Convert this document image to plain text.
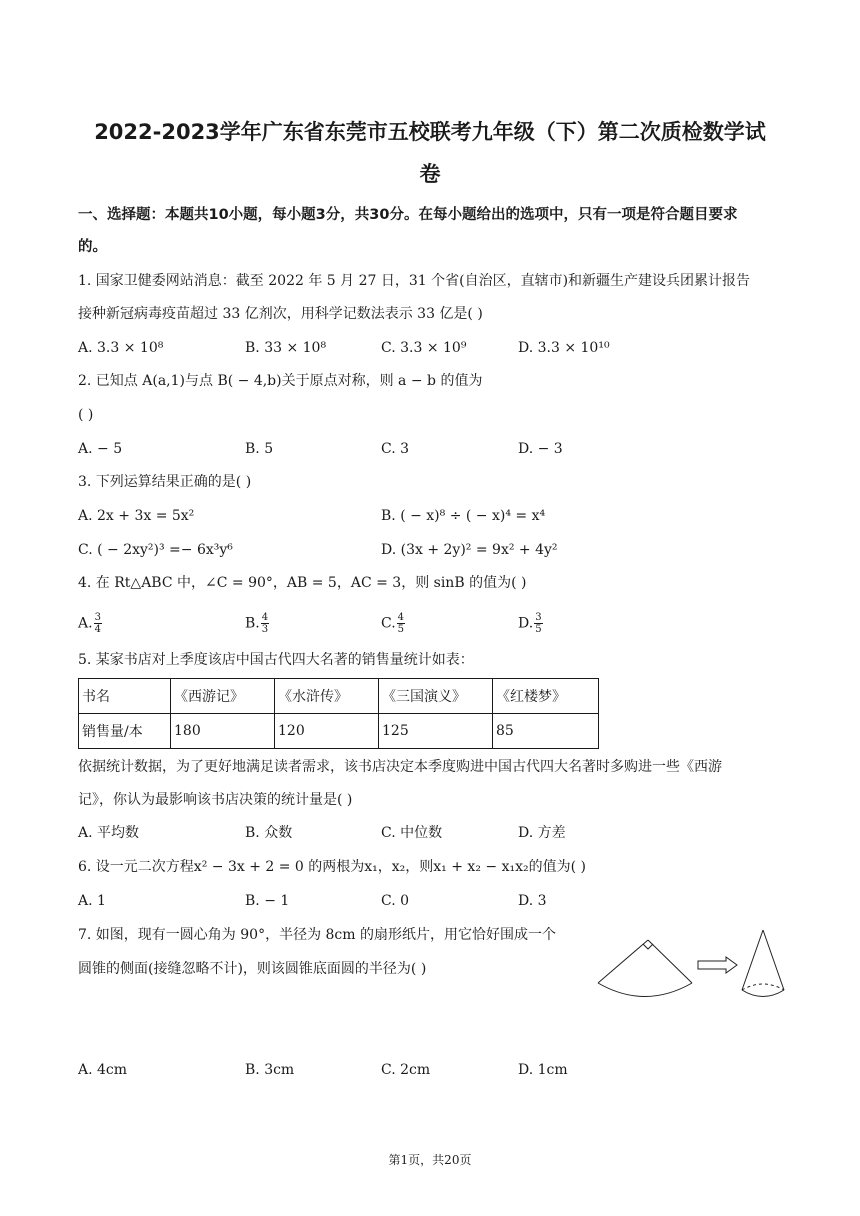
2022-2023学年广东省东莞市五校联考九年级（下）第二次质检数学试
卷
一、选择题：本题共10小题，每小题3分，共30分。在每小题给出的选项中，只有一项是符合题目要求
的。
1. 国家卫健委网站消息：截至 2022 年 5 月 27 日，31 个省(自治区，直辖市)和新疆生产建设兵团累计报告
接种新冠病毒疫苗超过 33 亿剂次，用科学记数法表示 33 亿是( )
A. 3.3 × 10⁸	B. 33 × 10⁸	C. 3.3 × 10⁹	D. 3.3 × 10¹⁰
2. 已知点 A(a,1)与点 B( − 4,b)关于原点对称，则 a − b 的值为
( )
A. − 5	B. 5	C. 3	D. − 3
3. 下列运算结果正确的是( )
A. 2x + 3x = 5x²	B. ( − x)⁸ ÷ ( − x)⁴ = x⁴
C. ( − 2xy²)³ =− 6x³y⁶	D. (3x + 2y)² = 9x² + 4y²
4. 在 Rt△ABC 中，∠C = 90°，AB = 5，AC = 3，则 sinB 的值为( )
A. $\frac{3}{4}$	B. $\frac{4}{3}$	C. $\frac{4}{5}$	D. $\frac{3}{5}$
5. 某家书店对上季度该店中国古代四大名著的销售量统计如表：
书名	《西游记》	《水浒传》	《三国演义》	《红楼梦》
销售量/本	180	120	125	85
依据统计数据，为了更好地满足读者需求，该书店决定本季度购进中国古代四大名著时多购进一些《西游
记》，你认为最影响该书店决策的统计量是( )
A. 平均数	B. 众数	C. 中位数	D. 方差
6. 设一元二次方程x² − 3x + 2 = 0 的两根为x₁，x₂，则x₁ + x₂ − x₁x₂的值为( )
A. 1	B. − 1	C. 0	D. 3
7. 如图，现有一圆心角为 90°，半径为 8cm 的扇形纸片，用它恰好围成一个
圆锥的侧面(接缝忽略不计)，则该圆锥底面圆的半径为( )
A. 4cm	B. 3cm	C. 2cm	D. 1cm
第1页，共20页
